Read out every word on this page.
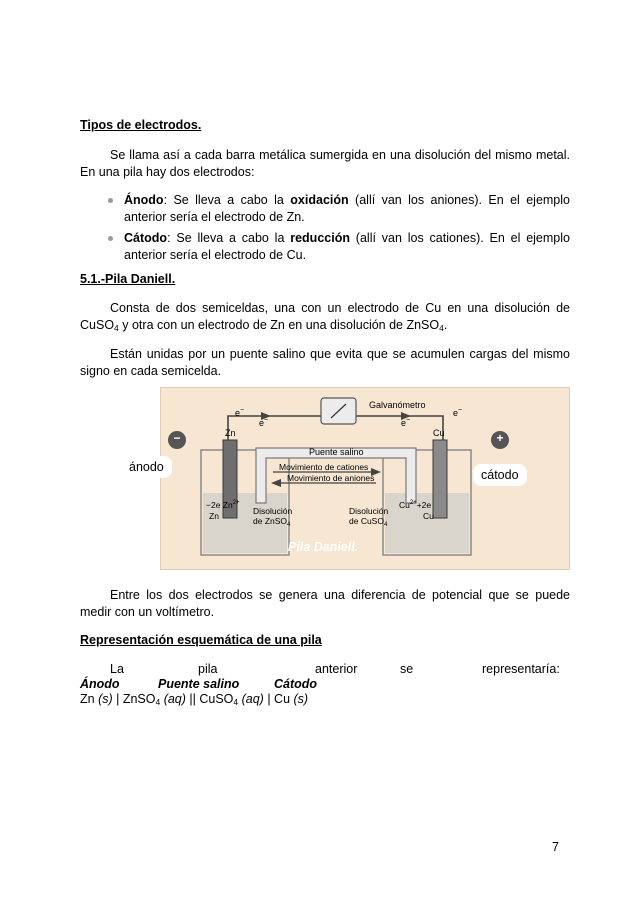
Tipos de electrodos.
Se llama así a cada barra metálica sumergida en una disolución del mismo metal. En una pila hay dos electrodos:
Ánodo: Se lleva a cabo la oxidación (allí van los aniones). En el ejemplo anterior sería el electrodo de Zn.
Cátodo: Se lleva a cabo la reducción (allí van los cationes). En el ejemplo anterior sería el electrodo de Cu.
5.1.-Pila Daniell.
Consta de dos semiceldas, una con un electrodo de Cu en una disolución de CuSO$_4$ y otra con un electrodo de Zn en una disolución de ZnSO$_4$.
Están unidas por un puente salino que evita que se acumulen cargas del mismo signo en cada semicelda.
Galvanómetro
e−
e−	e−
e−
Zn	Cu
−	+
Puente salino
Movimiento de cationes
Movimiento de aniones
−2e $Zn^{2+}$
Zn
$Cu^{2+}+2e$
Cu
Disolución
de ZnSO$_4$
Disolución
de CuSO$_4$
ánodo
cátodo
Pila Daniell.
Entre los dos electrodos se genera una diferencia de potencial que se puede medir con un voltímetro.
Representación esquemática de una pila
La	pila	anterior	se	representaría:
Ánodo	Puente salino	Cátodo
Zn (s) | ZnSO$_4$ (aq) || CuSO$_4$ (aq) | Cu (s)
7
